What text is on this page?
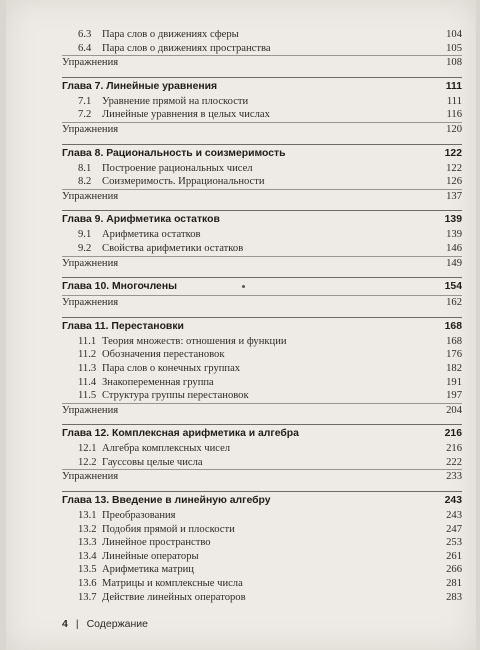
6.3 Пара слов о движениях сферы	104
6.4 Пара слов о движениях пространства	105
Упражнения	108
Глава 7. Линейные уравнения	111
7.1 Уравнение прямой на плоскости	111
7.2 Линейные уравнения в целых числах	116
Упражнения	120
Глава 8. Рациональность и соизмеримость	122
8.1 Построение рациональных чисел	122
8.2 Соизмеримость. Иррациональности	126
Упражнения	137
Глава 9. Арифметика остатков	139
9.1 Арифметика остатков	139
9.2 Свойства арифметики остатков	146
Упражнения	149
Глава 10. Многочлены	154
Упражнения	162
Глава 11. Перестановки	168
11.1 Теория множеств: отношения и функции	168
11.2 Обозначения перестановок	176
11.3 Пара слов о конечных группах	182
11.4 Знакопеременная группа	191
11.5 Структура группы перестановок	197
Упражнения	204
Глава 12. Комплексная арифметика и алгебра	216
12.1 Алгебра комплексных чисел	216
12.2 Гауссовы целые числа	222
Упражнения	233
Глава 13. Введение в линейную алгебру	243
13.1 Преобразования	243
13.2 Подобия прямой и плоскости	247
13.3 Линейное пространство	253
13.4 Линейные операторы	261
13.5 Арифметика матриц	266
13.6 Матрицы и комплексные числа	281
13.7 Действие линейных операторов	283
4 | Содержание
